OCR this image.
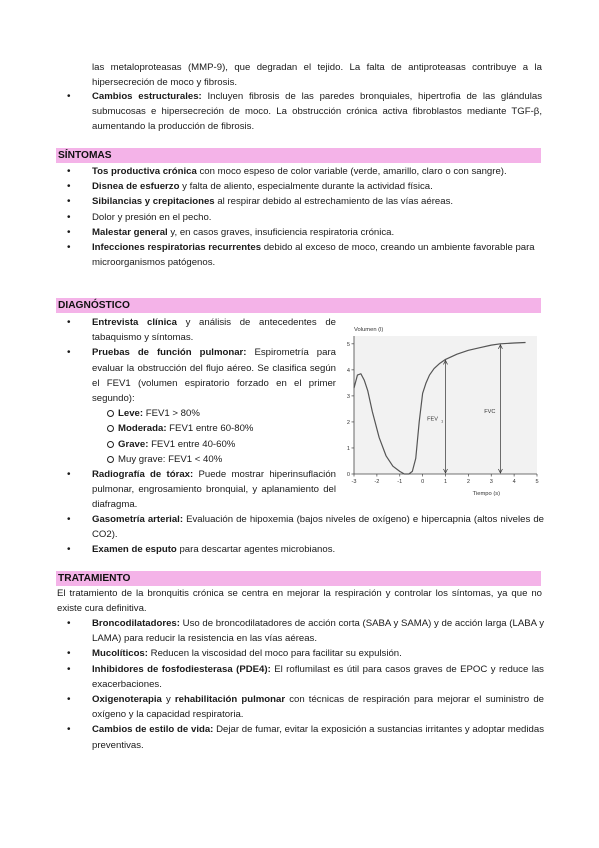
las metaloproteasas (MMP-9), que degradan el tejido. La falta de antiproteasas contribuye a la hipersecreción de moco y fibrosis.
• Cambios estructurales: Incluyen fibrosis de las paredes bronquiales, hipertrofia de las glándulas submucosas e hipersecreción de moco. La obstrucción crónica activa fibroblastos mediante TGF-β, aumentando la producción de fibrosis.
SÍNTOMAS
• Tos productiva crónica con moco espeso de color variable (verde, amarillo, claro o con sangre).
• Disnea de esfuerzo y falta de aliento, especialmente durante la actividad física.
• Sibilancias y crepitaciones al respirar debido al estrechamiento de las vías aéreas.
• Dolor y presión en el pecho.
• Malestar general y, en casos graves, insuficiencia respiratoria crónica.
• Infecciones respiratorias recurrentes debido al exceso de moco, creando un ambiente favorable para microorganismos patógenos.
DIAGNÓSTICO
• Entrevista clínica y análisis de antecedentes de tabaquismo y síntomas.
• Pruebas de función pulmonar: Espirometría para evaluar la obstrucción del flujo aéreo. Se clasifica según el FEV1 (volumen espiratorio forzado en el primer segundo):
Leve: FEV1 > 80%
Moderada: FEV1 entre 60-80%
Grave: FEV1 entre 40-60%
Muy grave: FEV1 < 40%
• Radiografía de tórax: Puede mostrar hiperinsuflación pulmonar, engrosamiento bronquial, y aplanamiento del diafragma.
-3	-2	-1	0	1	2	3	4	5
0
1
2
3
4
5
Volumen (l)
Tiempo (s)
FEV 1
FVC
• Gasometría arterial: Evaluación de hipoxemia (bajos niveles de oxígeno) e hipercapnia (altos niveles de CO2).
• Examen de esputo para descartar agentes microbianos.
TRATAMIENTO
El tratamiento de la bronquitis crónica se centra en mejorar la respiración y controlar los síntomas, ya que no existe cura definitiva.
• Broncodilatadores: Uso de broncodilatadores de acción corta (SABA y SAMA) y de acción larga (LABA y LAMA) para reducir la resistencia en las vías aéreas.
• Mucolíticos: Reducen la viscosidad del moco para facilitar su expulsión.
• Inhibidores de fosfodiesterasa (PDE4): El roflumilast es útil para casos graves de EPOC y reduce las exacerbaciones.
• Oxigenoterapia y rehabilitación pulmonar con técnicas de respiración para mejorar el suministro de oxígeno y la capacidad respiratoria.
• Cambios de estilo de vida: Dejar de fumar, evitar la exposición a sustancias irritantes y adoptar medidas preventivas.
